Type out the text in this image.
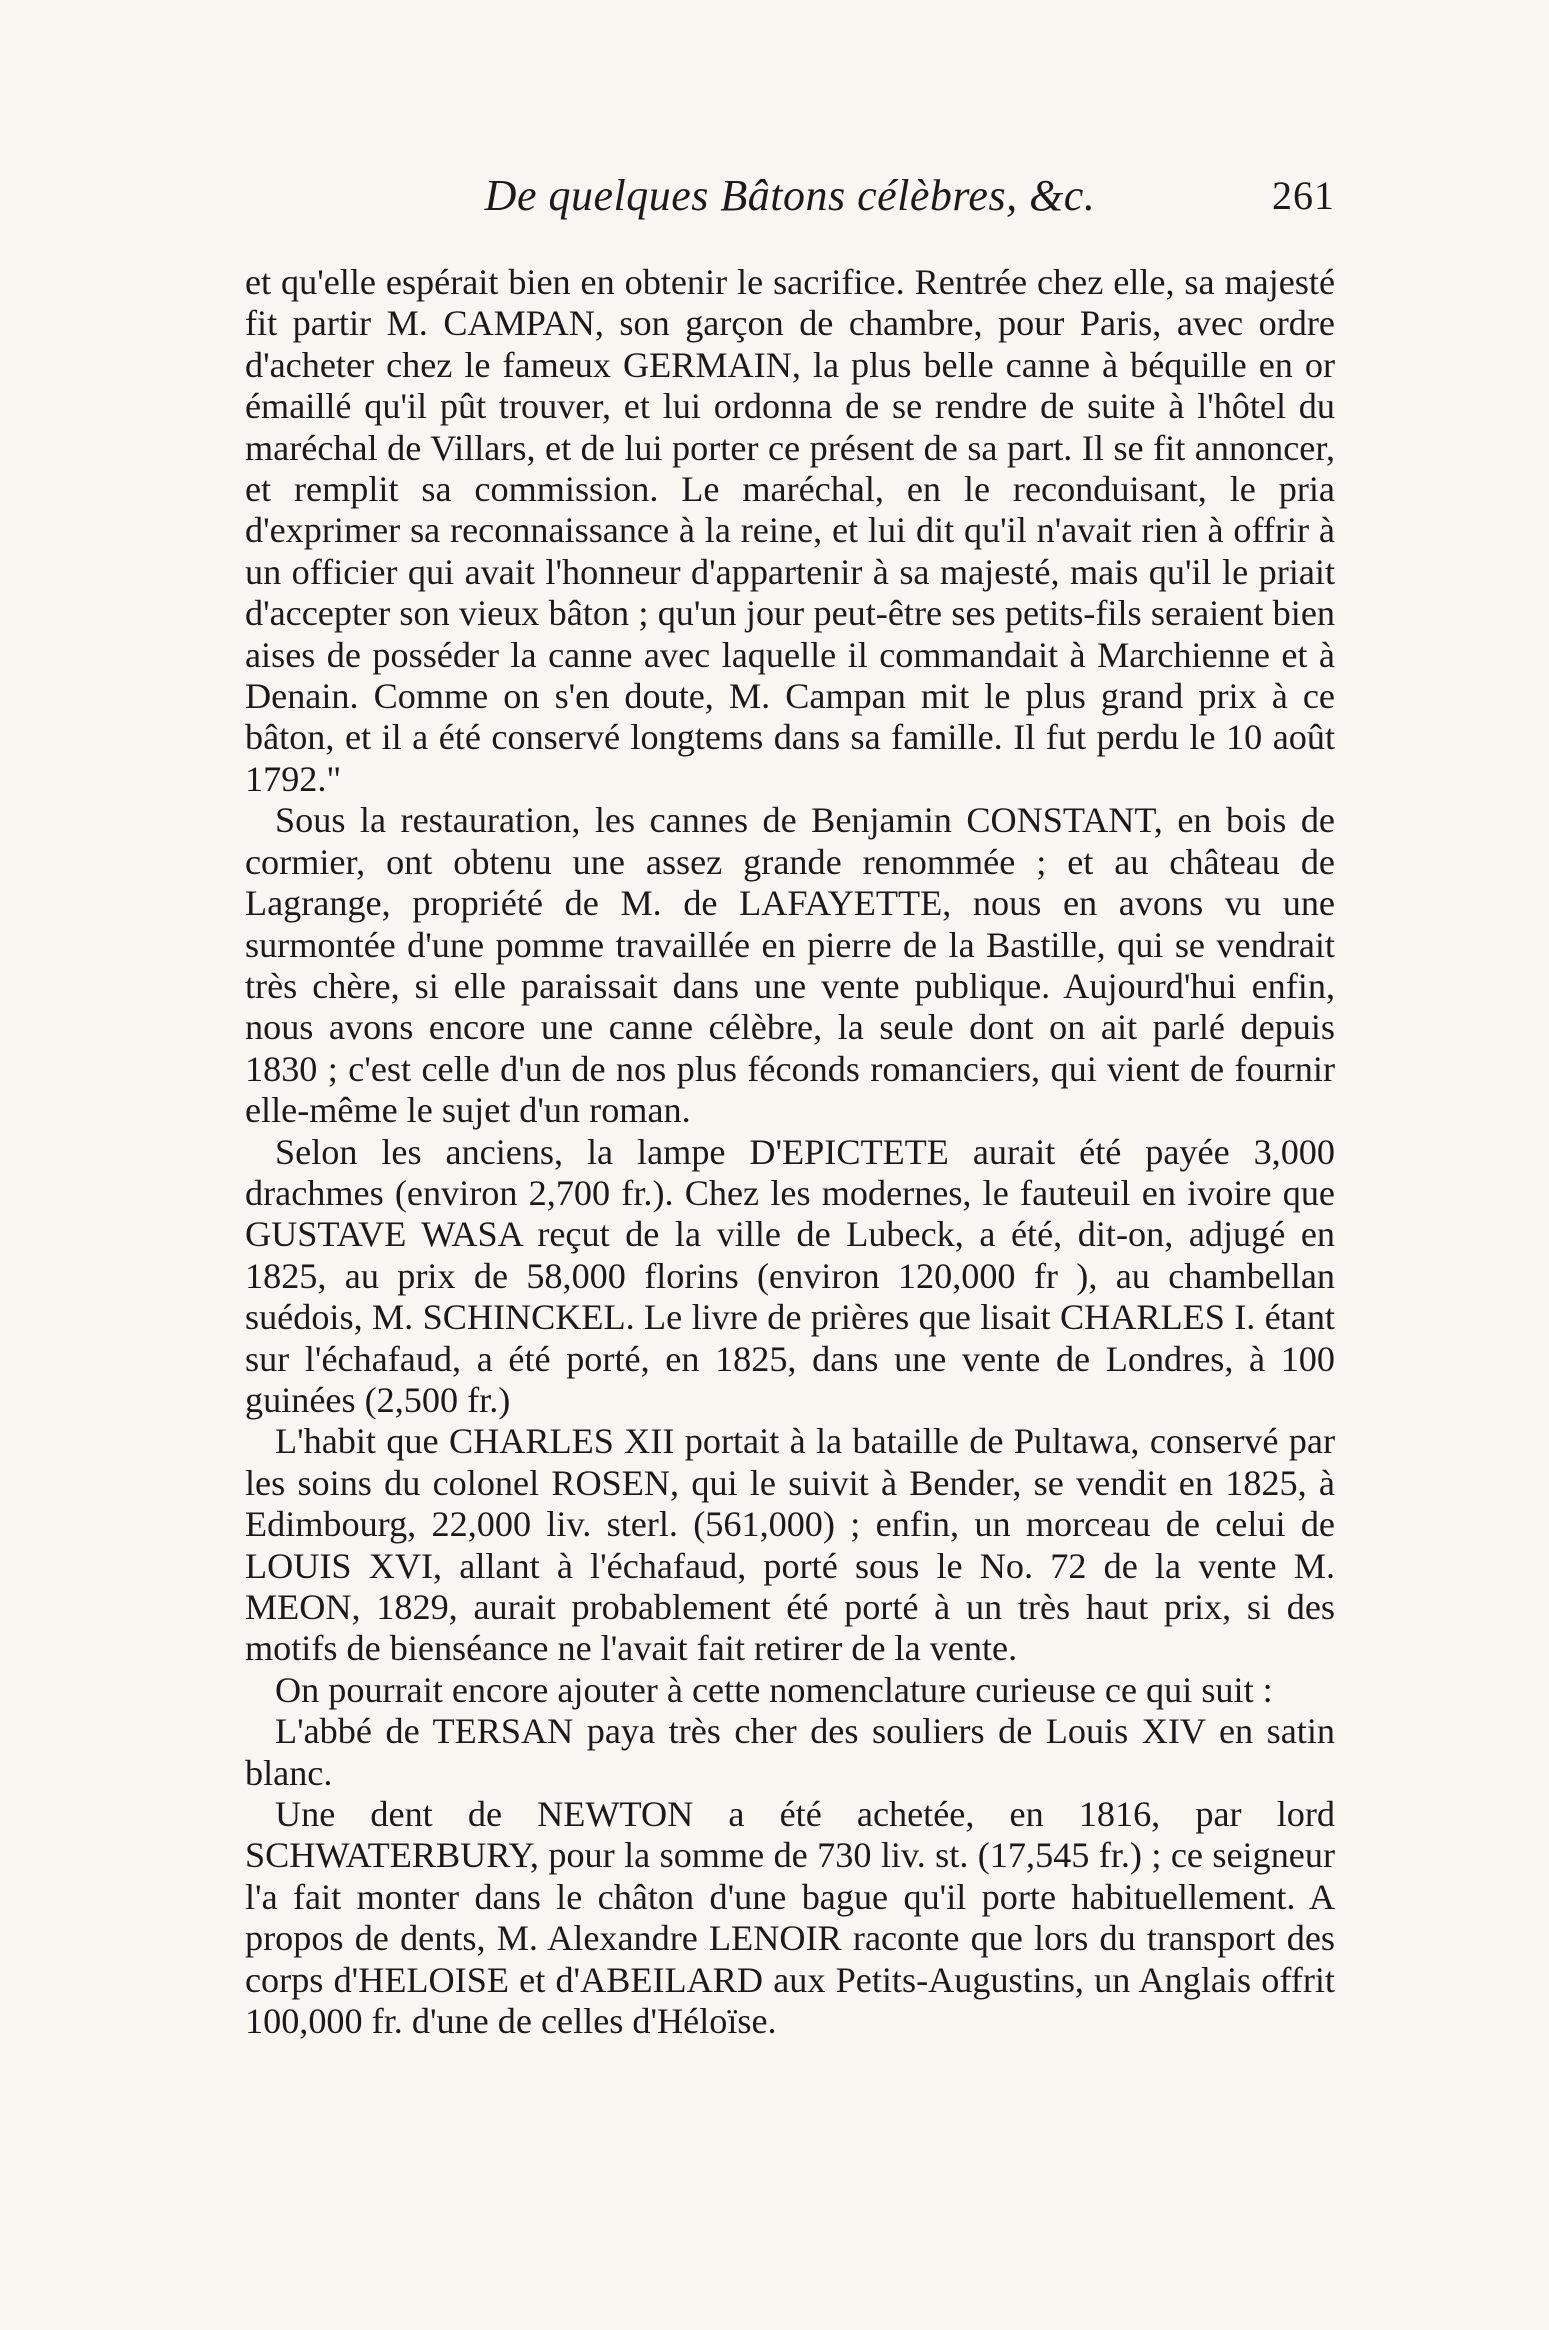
De quelques Bâtons célèbres, &c.	261

et qu'elle espérait bien en obtenir le sacrifice. Rentrée chez elle, sa majesté fit partir M. CAMPAN, son garçon de chambre, pour Paris, avec ordre d'acheter chez le fameux GERMAIN, la plus belle canne à béquille en or émaillé qu'il pût trouver, et lui ordonna de se rendre de suite à l'hôtel du maréchal de Villars, et de lui porter ce présent de sa part. Il se fit annoncer, et remplit sa commission. Le maréchal, en le reconduisant, le pria d'exprimer sa reconnaissance à la reine, et lui dit qu'il n'avait rien à offrir à un officier qui avait l'honneur d'appartenir à sa majesté, mais qu'il le priait d'accepter son vieux bâton ; qu'un jour peut-être ses petits-fils seraient bien aises de posséder la canne avec laquelle il commandait à Marchienne et à Denain. Comme on s'en doute, M. Campan mit le plus grand prix à ce bâton, et il a été conservé longtems dans sa famille. Il fut perdu le 10 août 1792."

Sous la restauration, les cannes de Benjamin CONSTANT, en bois de cormier, ont obtenu une assez grande renommée ; et au château de Lagrange, propriété de M. de LAFAYETTE, nous en avons vu une surmontée d'une pomme travaillée en pierre de la Bastille, qui se vendrait très chère, si elle paraissait dans une vente publique. Aujourd'hui enfin, nous avons encore une canne célèbre, la seule dont on ait parlé depuis 1830 ; c'est celle d'un de nos plus féconds romanciers, qui vient de fournir elle-même le sujet d'un roman.

Selon les anciens, la lampe D'EPICTETE aurait été payée 3,000 drachmes (environ 2,700 fr.). Chez les modernes, le fauteuil en ivoire que GUSTAVE WASA reçut de la ville de Lubeck, a été, dit-on, adjugé en 1825, au prix de 58,000 florins (environ 120,000 fr ), au chambellan suédois, M. SCHINCKEL. Le livre de prières que lisait CHARLES I. étant sur l'échafaud, a été porté, en 1825, dans une vente de Londres, à 100 guinées (2,500 fr.)

L'habit que CHARLES XII portait à la bataille de Pultawa, conservé par les soins du colonel ROSEN, qui le suivit à Bender, se vendit en 1825, à Edimbourg, 22,000 liv. sterl. (561,000) ; enfin, un morceau de celui de LOUIS XVI, allant à l'échafaud, porté sous le No. 72 de la vente M. MEON, 1829, aurait probablement été porté à un très haut prix, si des motifs de bienséance ne l'avait fait retirer de la vente.

On pourrait encore ajouter à cette nomenclature curieuse ce qui suit :

L'abbé de TERSAN paya très cher des souliers de Louis XIV en satin blanc.

Une dent de NEWTON a été achetée, en 1816, par lord SCHWATERBURY, pour la somme de 730 liv. st. (17,545 fr.) ; ce seigneur l'a fait monter dans le châton d'une bague qu'il porte habituellement. A propos de dents, M. Alexandre LENOIR raconte que lors du transport des corps d'HELOISE et d'ABEILARD aux Petits-Augustins, un Anglais offrit 100,000 fr. d'une de celles d'Héloïse.
